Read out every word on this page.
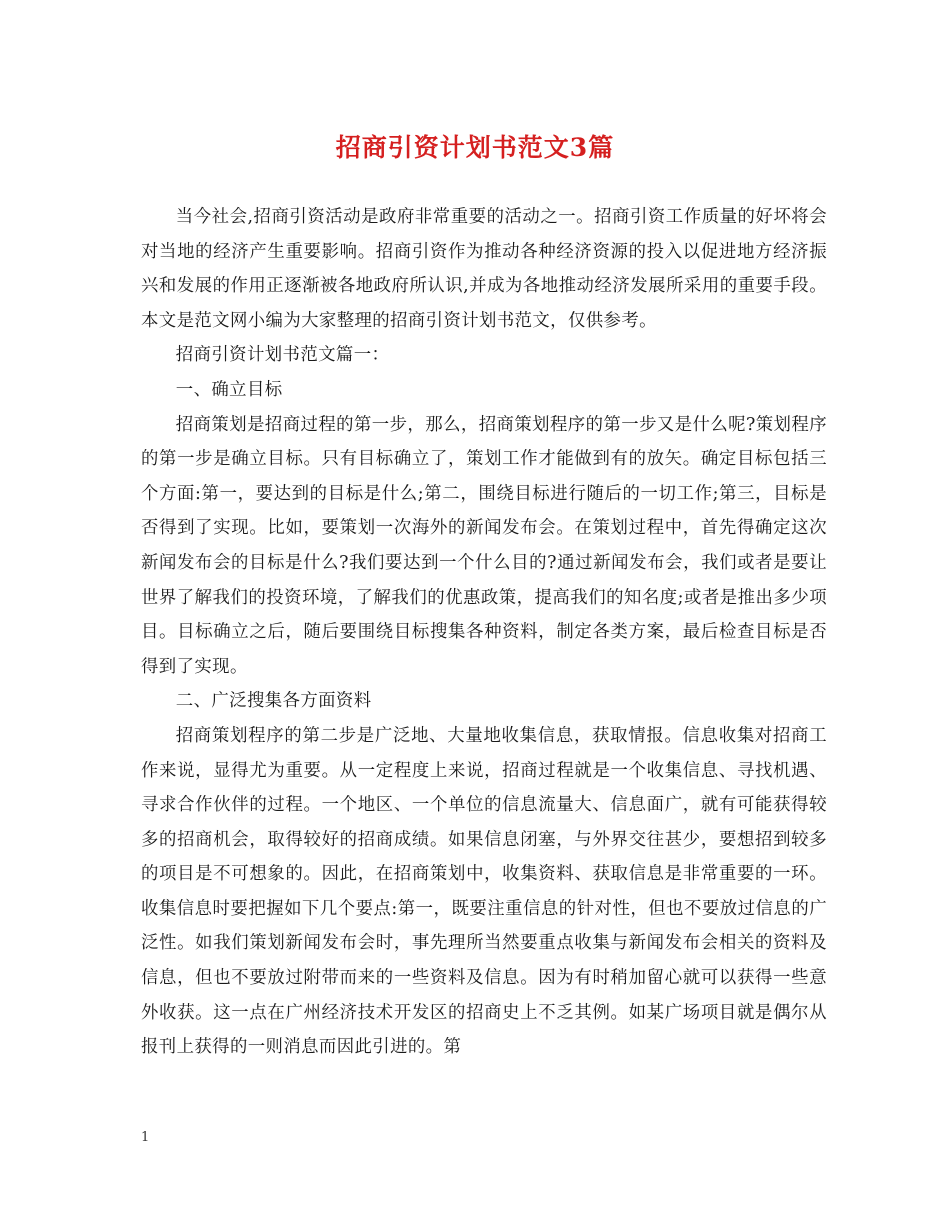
招商引资计划书范文3篇

当今社会,招商引资活动是政府非常重要的活动之一。招商引资工作质量的好坏将会对当地的经济产生重要影响。招商引资作为推动各种经济资源的投入以促进地方经济振兴和发展的作用正逐渐被各地政府所认识,并成为各地推动经济发展所采用的重要手段。本文是范文网小编为大家整理的招商引资计划书范文，仅供参考。

招商引资计划书范文篇一：

一、确立目标

招商策划是招商过程的第一步，那么，招商策划程序的第一步又是什么呢?策划程序的第一步是确立目标。只有目标确立了，策划工作才能做到有的放矢。确定目标包括三个方面:第一，要达到的目标是什么;第二，围绕目标进行随后的一切工作;第三，目标是否得到了实现。比如，要策划一次海外的新闻发布会。在策划过程中，首先得确定这次新闻发布会的目标是什么?我们要达到一个什么目的?通过新闻发布会，我们或者是要让世界了解我们的投资环境，了解我们的优惠政策，提高我们的知名度;或者是推出多少项目。目标确立之后，随后要围绕目标搜集各种资料，制定各类方案，最后检查目标是否得到了实现。

二、广泛搜集各方面资料

招商策划程序的第二步是广泛地、大量地收集信息，获取情报。信息收集对招商工作来说，显得尤为重要。从一定程度上来说，招商过程就是一个收集信息、寻找机遇、寻求合作伙伴的过程。一个地区、一个单位的信息流量大、信息面广，就有可能获得较多的招商机会，取得较好的招商成绩。如果信息闭塞，与外界交往甚少，要想招到较多的项目是不可想象的。因此，在招商策划中，收集资料、获取信息是非常重要的一环。收集信息时要把握如下几个要点:第一，既要注重信息的针对性，但也不要放过信息的广泛性。如我们策划新闻发布会时，事先理所当然要重点收集与新闻发布会相关的资料及信息，但也不要放过附带而来的一些资料及信息。因为有时稍加留心就可以获得一些意外收获。这一点在广州经济技术开发区的招商史上不乏其例。如某广场项目就是偶尔从报刊上获得的一则消息而因此引进的。第

1
